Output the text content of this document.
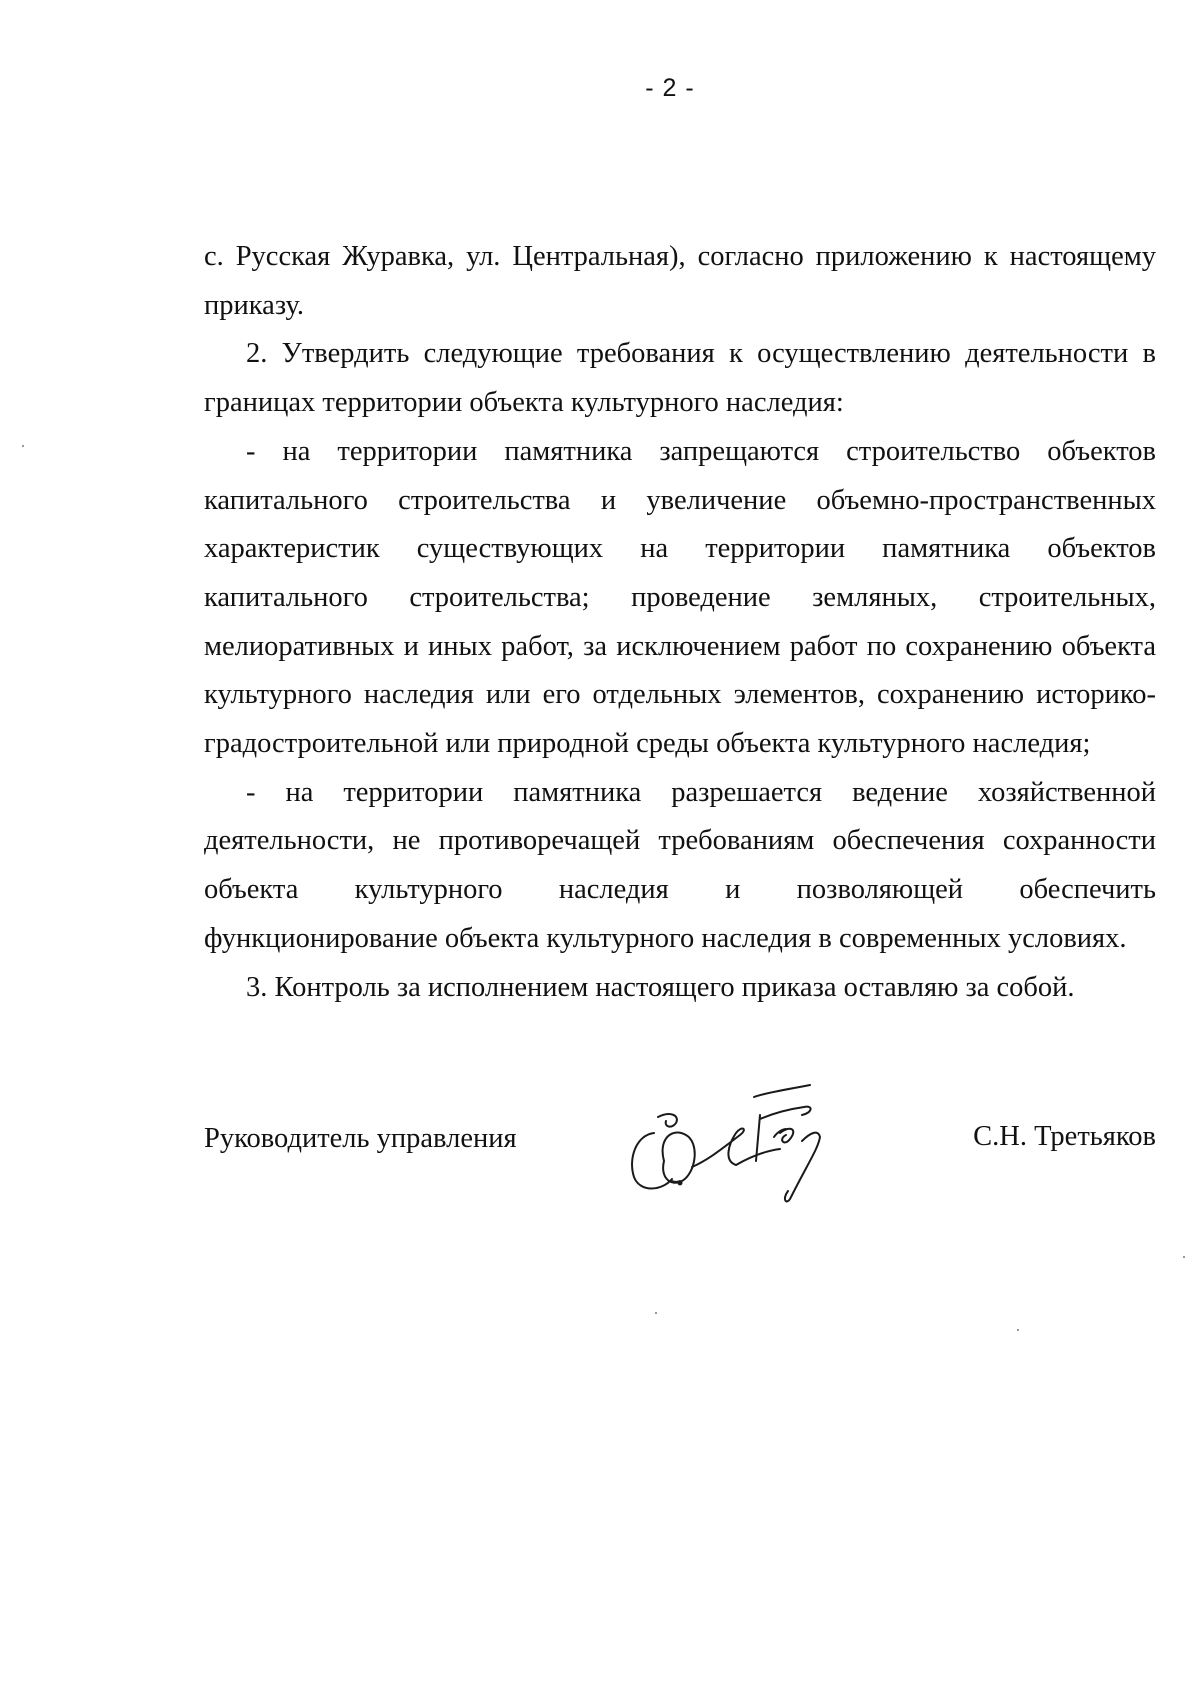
- 2 -
с. Русская Журавка, ул. Центральная), согласно приложению к настоящему
приказу.
2. Утвердить следующие требования к осуществлению деятельности в
границах территории объекта культурного наследия:
- на территории памятника запрещаются строительство объектов
капитального строительства и увеличение объемно-пространственных
характеристик существующих на территории памятника объектов
капитального строительства; проведение земляных, строительных,
мелиоративных и иных работ, за исключением работ по сохранению объекта
культурного наследия или его отдельных элементов, сохранению историко-
градостроительной или природной среды объекта культурного наследия;
- на территории памятника разрешается ведение хозяйственной
деятельности, не противоречащей требованиям обеспечения сохранности
объекта культурного наследия и позволяющей обеспечить
функционирование объекта культурного наследия в современных условиях.
3. Контроль за исполнением настоящего приказа оставляю за собой.
Руководитель управления	С.Н. Третьяков
